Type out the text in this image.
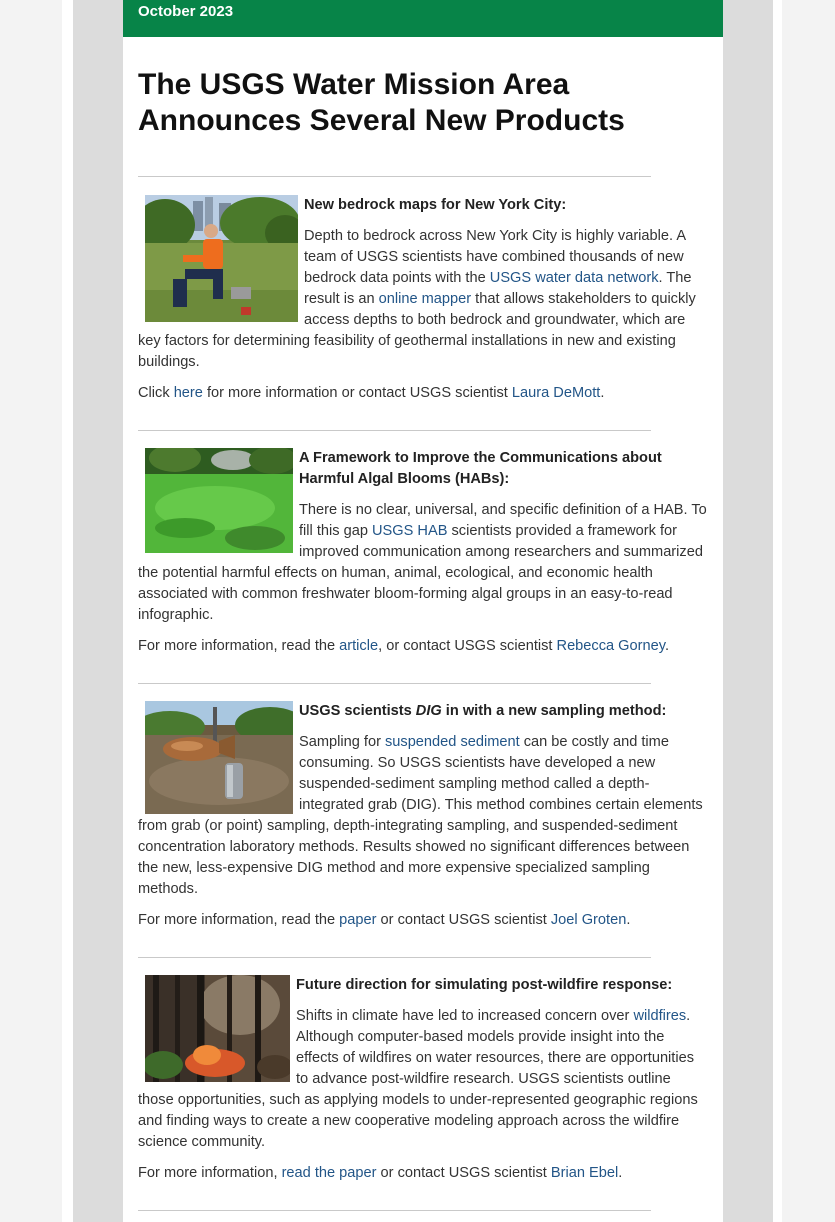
October 2023
The USGS Water Mission Area Announces Several New Products
New bedrock maps for New York City:

Depth to bedrock across New York City is highly variable. A team of USGS scientists have combined thousands of new bedrock data points with the USGS water data network. The result is an online mapper that allows stakeholders to quickly access depths to both bedrock and groundwater, which are key factors for determining feasibility of geothermal installations in new and existing buildings.

Click here for more information or contact USGS scientist Laura DeMott.

A Framework to Improve the Communications about Harmful Algal Blooms (HABs):

There is no clear, universal, and specific definition of a HAB. To fill this gap USGS HAB scientists provided a framework for improved communication among researchers and summarized the potential harmful effects on human, animal, ecological, and economic health associated with common freshwater bloom-forming algal groups in an easy-to-read infographic.

For more information, read the article, or contact USGS scientist Rebecca Gorney.

USGS scientists DIG in with a new sampling method:

Sampling for suspended sediment can be costly and time consuming. So USGS scientists have developed a new suspended-sediment sampling method called a depth-integrated grab (DIG). This method combines certain elements from grab (or point) sampling, depth-integrating sampling, and suspended-sediment concentration laboratory methods. Results showed no significant differences between the new, less-expensive DIG method and more expensive specialized sampling methods.

For more information, read the paper or contact USGS scientist Joel Groten.

Future direction for simulating post-wildfire response:

Shifts in climate have led to increased concern over wildfires. Although computer-based models provide insight into the effects of wildfires on water resources, there are opportunities to advance post-wildfire research. USGS scientists outline those opportunities, such as applying models to under-represented geographic regions and finding ways to create a new cooperative modeling approach across the wildfire science community.

For more information, read the paper or contact USGS scientist Brian Ebel.
